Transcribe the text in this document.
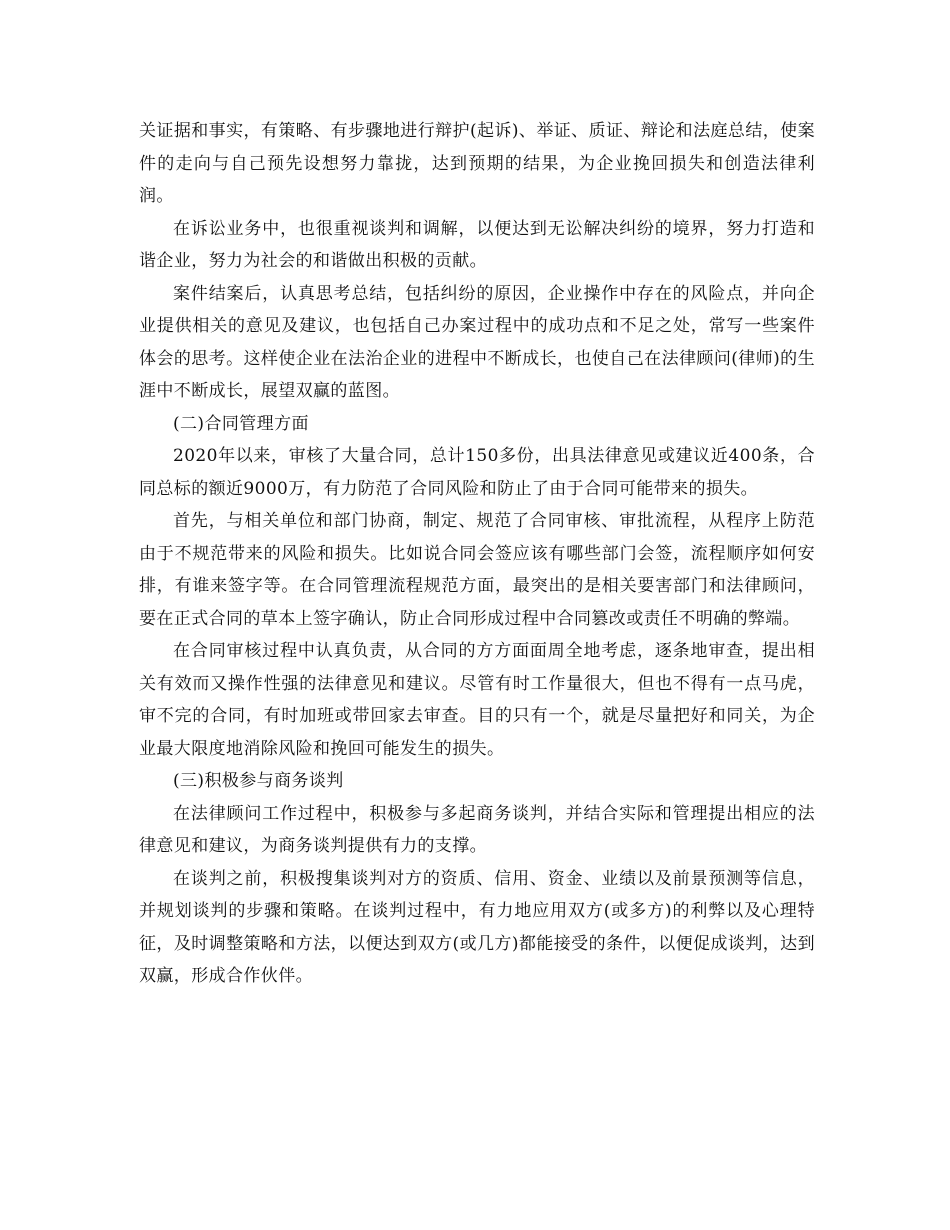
关证据和事实，有策略、有步骤地进行辩护(起诉)、举证、质证、辩论和法庭总结，使案件的走向与自己预先设想努力靠拢，达到预期的结果，为企业挽回损失和创造法律利润。

在诉讼业务中，也很重视谈判和调解，以便达到无讼解决纠纷的境界，努力打造和谐企业，努力为社会的和谐做出积极的贡献。

案件结案后，认真思考总结，包括纠纷的原因，企业操作中存在的风险点，并向企业提供相关的意见及建议，也包括自己办案过程中的成功点和不足之处，常写一些案件体会的思考。这样使企业在法治企业的进程中不断成长，也使自己在法律顾问(律师)的生涯中不断成长，展望双赢的蓝图。

(二)合同管理方面

2020年以来，审核了大量合同，总计150多份，出具法律意见或建议近400条，合同总标的额近9000万，有力防范了合同风险和防止了由于合同可能带来的损失。

首先，与相关单位和部门协商，制定、规范了合同审核、审批流程，从程序上防范由于不规范带来的风险和损失。比如说合同会签应该有哪些部门会签，流程顺序如何安排，有谁来签字等。在合同管理流程规范方面，最突出的是相关要害部门和法律顾问，要在正式合同的草本上签字确认，防止合同形成过程中合同篡改或责任不明确的弊端。

在合同审核过程中认真负责，从合同的方方面面周全地考虑，逐条地审查，提出相关有效而又操作性强的法律意见和建议。尽管有时工作量很大，但也不得有一点马虎，审不完的合同，有时加班或带回家去审查。目的只有一个，就是尽量把好和同关，为企业最大限度地消除风险和挽回可能发生的损失。

(三)积极参与商务谈判

在法律顾问工作过程中，积极参与多起商务谈判，并结合实际和管理提出相应的法律意见和建议，为商务谈判提供有力的支撑。

在谈判之前，积极搜集谈判对方的资质、信用、资金、业绩以及前景预测等信息，并规划谈判的步骤和策略。在谈判过程中，有力地应用双方(或多方)的利弊以及心理特征，及时调整策略和方法，以便达到双方(或几方)都能接受的条件，以便促成谈判，达到双赢，形成合作伙伴。
